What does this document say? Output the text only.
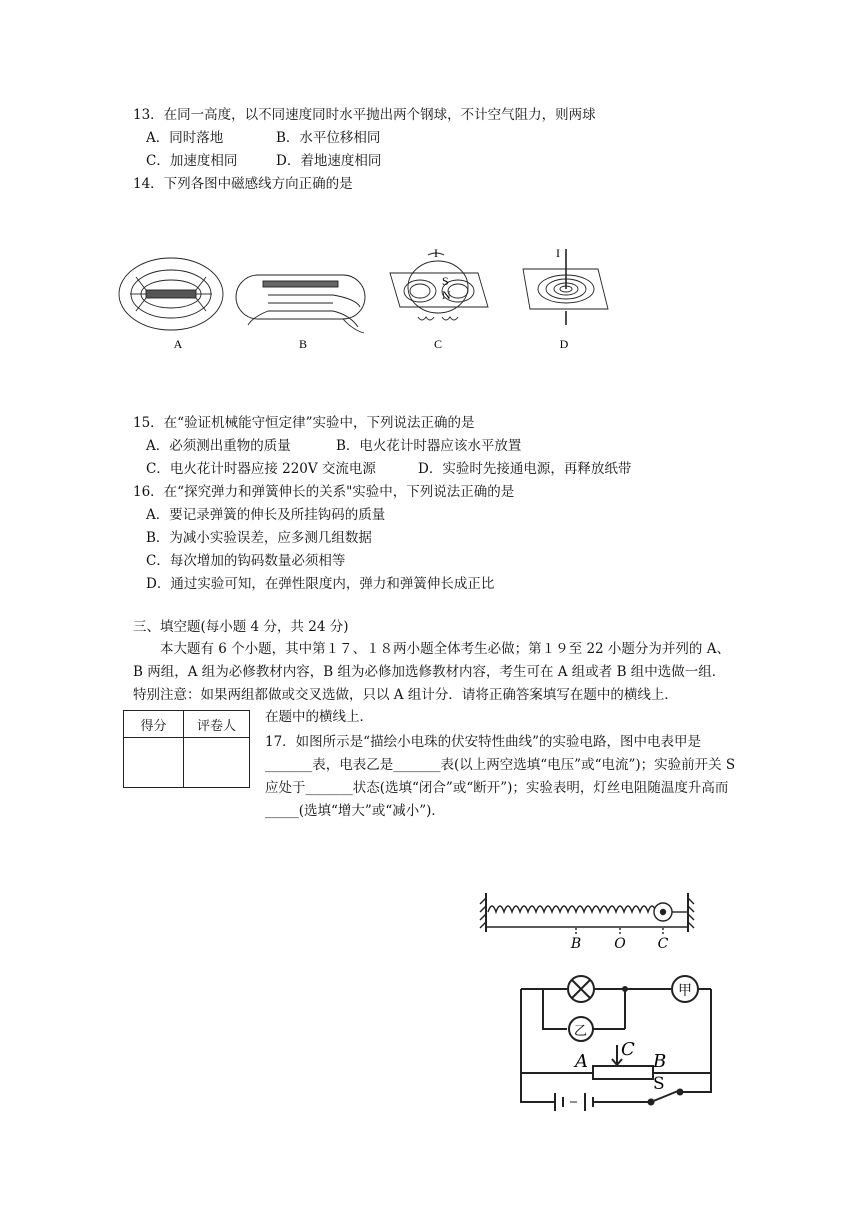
13．在同一高度，以不同速度同时水平抛出两个钢球，不计空气阻力，则两球
A．同时落地	B．水平位移相同
C．加速度相同	D．着地速度相同
14．下列各图中磁感线方向正确的是
A	B
I
S
N
C
I
D
15．在“验证机械能守恒定律”实验中，下列说法正确的是
A．必须测出重物的质量	B．电火花计时器应该水平放置
C．电火花计时器应接 220V 交流电源	D．实验时先接通电源，再释放纸带
16．在“探究弹力和弹簧伸长的关系"实验中，下列说法正确的是
A．要记录弹簧的伸长及所挂钩码的质量
B．为减小实验误差，应多测几组数据
C．每次增加的钩码数量必须相等
D．通过实验可知，在弹性限度内，弹力和弹簧伸长成正比
三、填空题(每小题 4 分，共 24 分)
本大题有 6 个小题，其中第１７、１８两小题全体考生必做；第１９至 22 小题分为并列的 A、B 两组，A 组为必修教材内容，B 组为必修加选修教材内容，考生可在 A 组或者 B 组中选做一组．特别注意：如果两组都做或交叉选做，只以 A 组计分．请将正确答案填写在题中的横线上．
得分	评卷人

在题中的横线上．
17．如图所示是“描绘小电珠的伏安特性曲线”的实验电路，图中电表甲是_______表，电表乙是_______表(以上两空选填“电压”或“电流”)；实验前开关 S 应处于_______状态(选填“闭合”或“断开”)；实验表明，灯丝电阻随温度升高而_____(选填“增大”或“减小”)．
B O C
甲
乙
A
C
B
S
